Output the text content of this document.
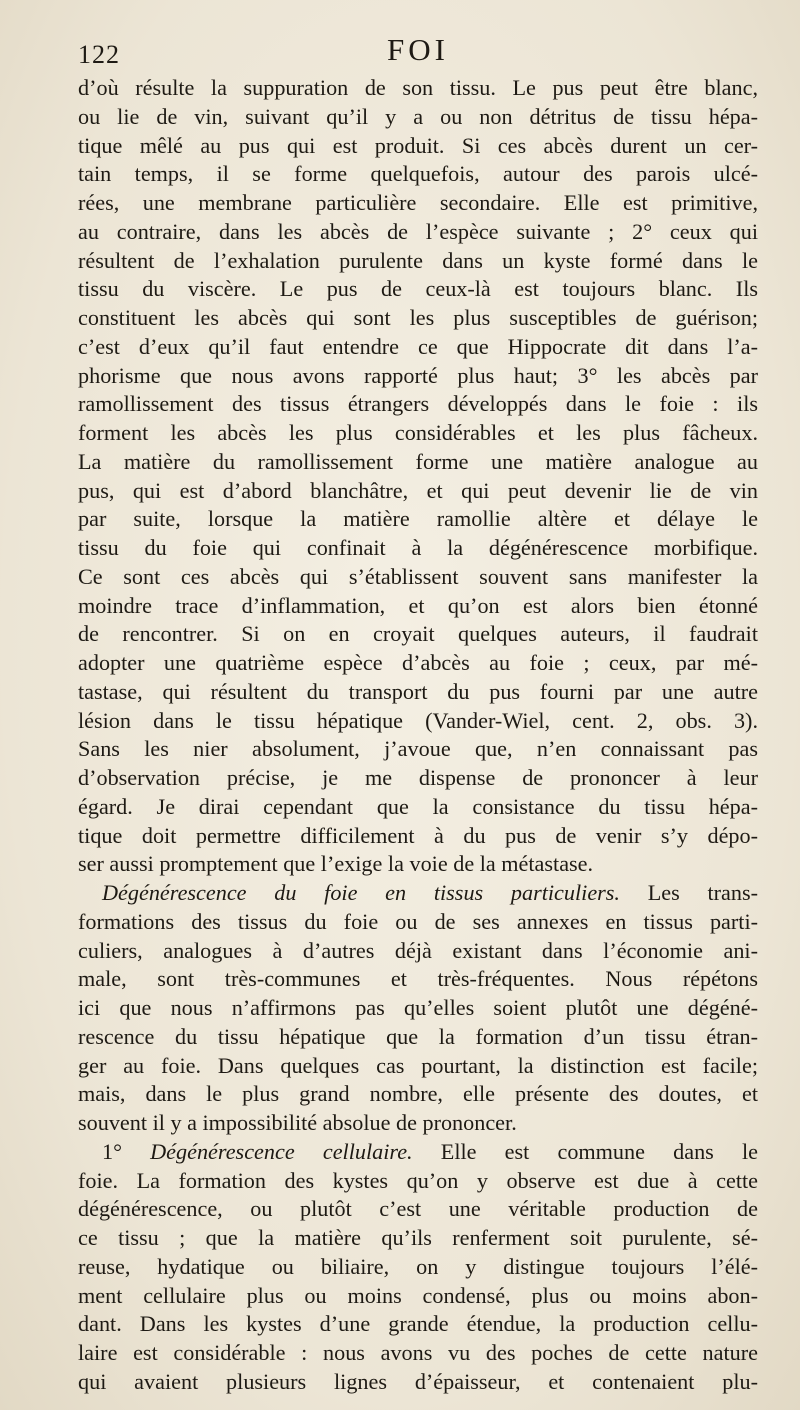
122	FOI
d’où résulte la suppuration de son tissu. Le pus peut être blanc,
ou lie de vin, suivant qu’il y a ou non détritus de tissu hépa-
tique mêlé au pus qui est produit. Si ces abcès durent un cer-
tain temps, il se forme quelquefois, autour des parois ulcé-
rées, une membrane particulière secondaire. Elle est primitive,
au contraire, dans les abcès de l’espèce suivante ; 2° ceux qui
résultent de l’exhalation purulente dans un kyste formé dans le
tissu du viscère. Le pus de ceux-là est toujours blanc. Ils
constituent les abcès qui sont les plus susceptibles de guérison;
c’est d’eux qu’il faut entendre ce que Hippocrate dit dans l’a-
phorisme que nous avons rapporté plus haut; 3° les abcès par
ramollissement des tissus étrangers développés dans le foie : ils
forment les abcès les plus considérables et les plus fâcheux.
La matière du ramollissement forme une matière analogue au
pus, qui est d’abord blanchâtre, et qui peut devenir lie de vin
par suite, lorsque la matière ramollie altère et délaye le
tissu du foie qui confinait à la dégénérescence morbifique.
Ce sont ces abcès qui s’établissent souvent sans manifester la
moindre trace d’inflammation, et qu’on est alors bien étonné
de rencontrer. Si on en croyait quelques auteurs, il faudrait
adopter une quatrième espèce d’abcès au foie ; ceux, par mé-
tastase, qui résultent du transport du pus fourni par une autre
lésion dans le tissu hépatique (Vander-Wiel, cent. 2, obs. 3).
Sans les nier absolument, j’avoue que, n’en connaissant pas
d’observation précise, je me dispense de prononcer à leur
égard. Je dirai cependant que la consistance du tissu hépa-
tique doit permettre difficilement à du pus de venir s’y dépo-
ser aussi promptement que l’exige la voie de la métastase.
Dégénérescence du foie en tissus particuliers. Les trans-
formations des tissus du foie ou de ses annexes en tissus parti-
culiers, analogues à d’autres déjà existant dans l’économie ani-
male, sont très-communes et très-fréquentes. Nous répétons
ici que nous n’affirmons pas qu’elles soient plutôt une dégéné-
rescence du tissu hépatique que la formation d’un tissu étran-
ger au foie. Dans quelques cas pourtant, la distinction est facile;
mais, dans le plus grand nombre, elle présente des doutes, et
souvent il y a impossibilité absolue de prononcer.
1° Dégénérescence cellulaire. Elle est commune dans le
foie. La formation des kystes qu’on y observe est due à cette
dégénérescence, ou plutôt c’est une véritable production de
ce tissu ; que la matière qu’ils renferment soit purulente, sé-
reuse, hydatique ou biliaire, on y distingue toujours l’élé-
ment cellulaire plus ou moins condensé, plus ou moins abon-
dant. Dans les kystes d’une grande étendue, la production cellu-
laire est considérable : nous avons vu des poches de cette nature
qui avaient plusieurs lignes d’épaisseur, et contenaient plu-
